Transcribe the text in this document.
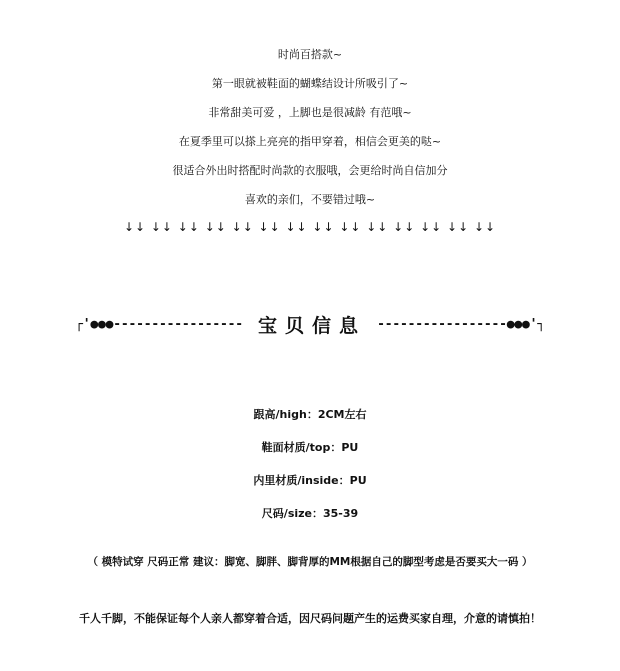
时尚百搭款~
第一眼就被鞋面的蝴蝶结设计所吸引了~
非常甜美可爱 ，上脚也是很减龄 有范哦~
在夏季里可以搽上亮亮的指甲穿着，相信会更美的哒~
很适合外出时搭配时尚款的衣服哦，会更给时尚自信加分
喜欢的亲们，不要错过哦~
↓↓ ↓↓ ↓↓ ↓↓ ↓↓ ↓↓ ↓↓ ↓↓ ↓↓ ↓↓ ↓↓ ↓↓ ↓↓ ↓↓
┌'●●●----------------- 宝贝信息 -----------------●●●'┐
跟高/high：2CM左右
鞋面材质/top：PU
内里材质/inside：PU
尺码/size：35-39
（ 模特试穿 尺码正常 建议：脚宽、脚胖、脚背厚的MM根据自己的脚型考虑是否要买大一码 ）
千人千脚，不能保证每个人亲人都穿着合适，因尺码问题产生的运费买家自理，介意的请慎拍！
